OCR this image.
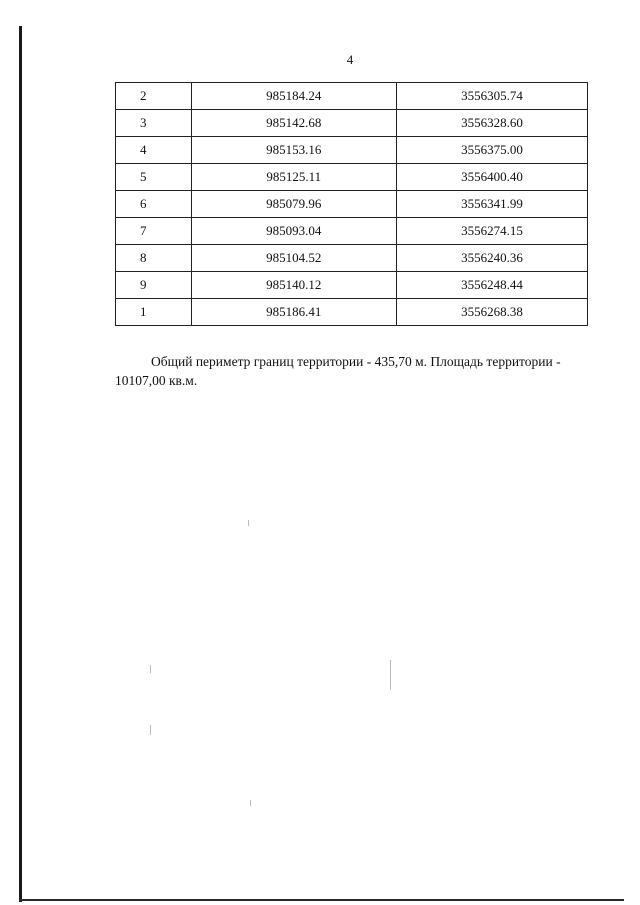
4
2	985184.24	3556305.74
3	985142.68	3556328.60
4	985153.16	3556375.00
5	985125.11	3556400.40
6	985079.96	3556341.99
7	985093.04	3556274.15
8	985104.52	3556240.36
9	985140.12	3556248.44
1	985186.41	3556268.38

Общий периметр границ территории - 435,70 м. Площадь территории - 10107,00 кв.м.
